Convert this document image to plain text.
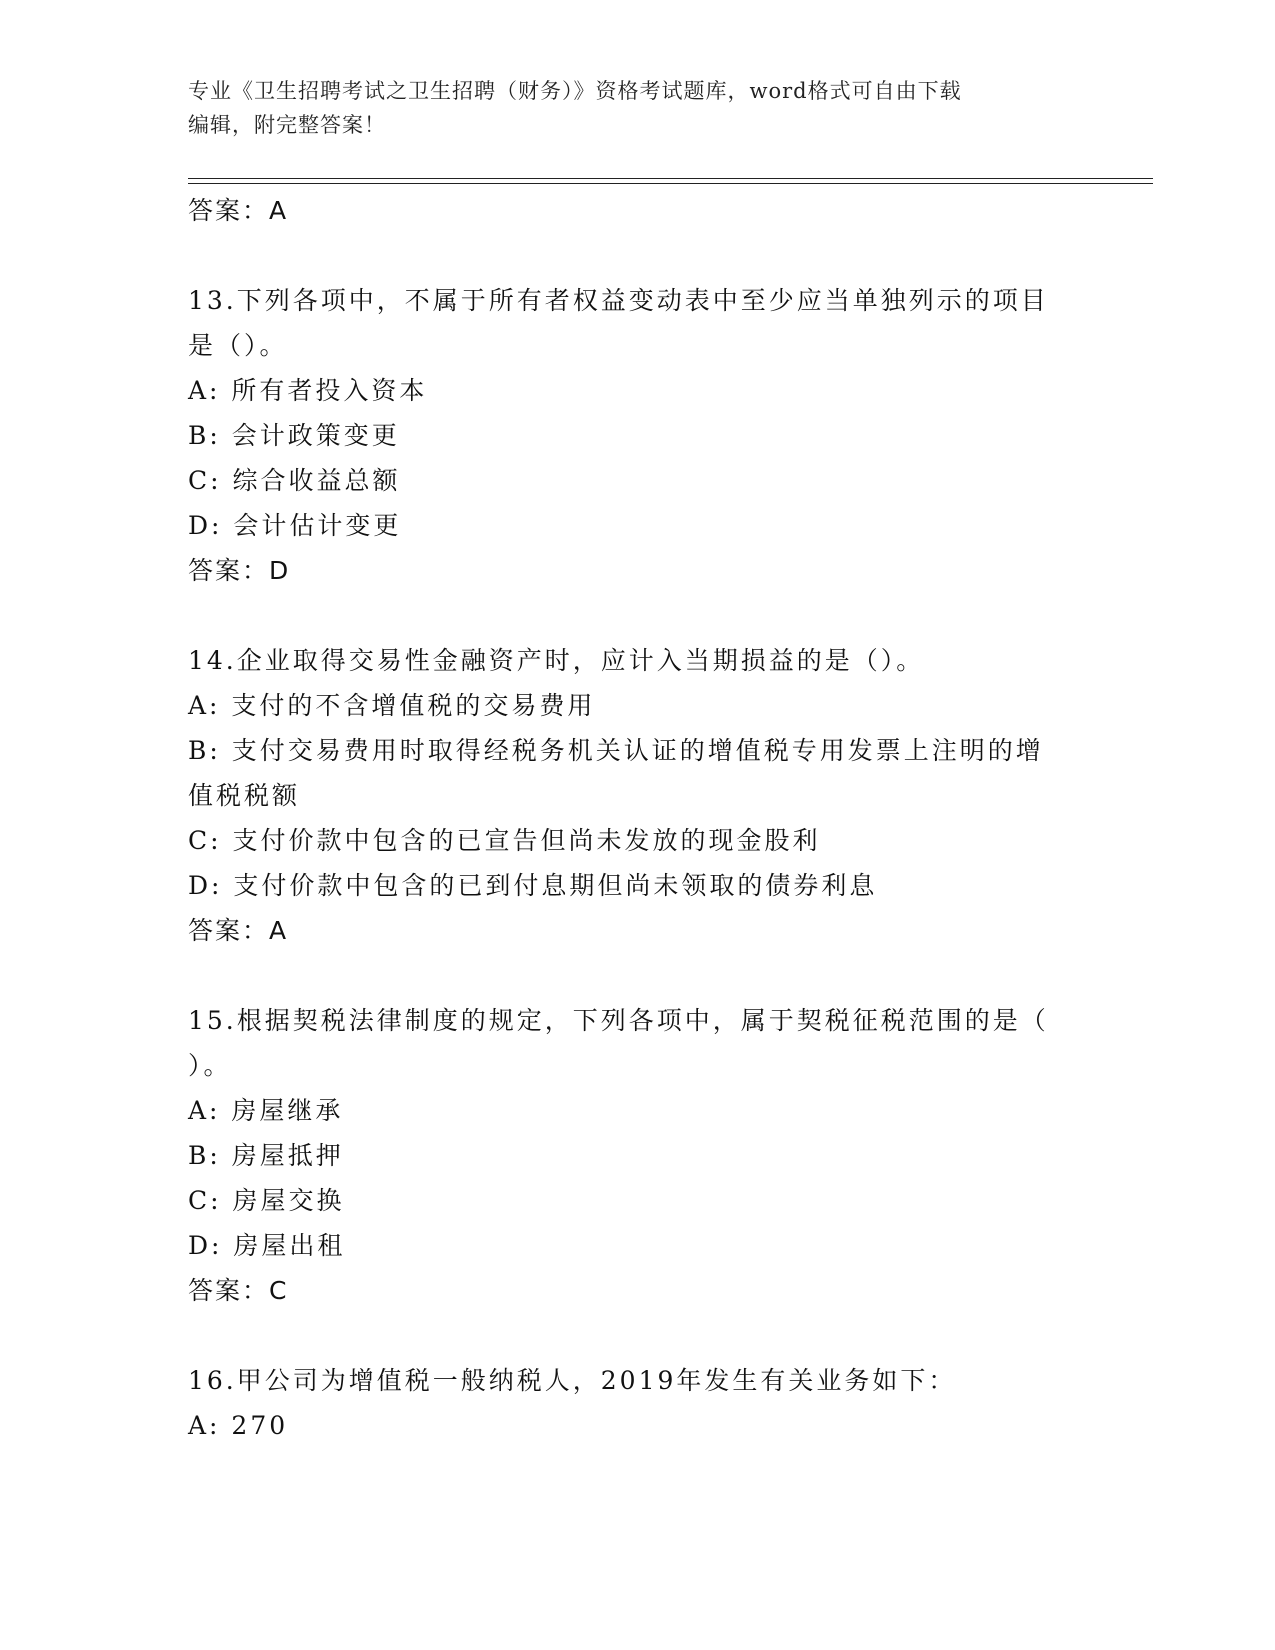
专业《卫生招聘考试之卫生招聘（财务）》资格考试题库，word格式可自由下载
编辑，附完整答案！
答案：A
13.下列各项中，不属于所有者权益变动表中至少应当单独列示的项目
是（）。
A: 所有者投入资本
B: 会计政策变更
C: 综合收益总额
D: 会计估计变更
答案：D
14.企业取得交易性金融资产时，应计入当期损益的是（）。
A: 支付的不含增值税的交易费用
B: 支付交易费用时取得经税务机关认证的增值税专用发票上注明的增
值税税额
C: 支付价款中包含的已宣告但尚未发放的现金股利
D: 支付价款中包含的已到付息期但尚未领取的债券利息
答案：A
15.根据契税法律制度的规定，下列各项中，属于契税征税范围的是（
）。
A: 房屋继承
B: 房屋抵押
C: 房屋交换
D: 房屋出租
答案：C
16.甲公司为增值税一般纳税人，2019年发生有关业务如下：
A: 270
